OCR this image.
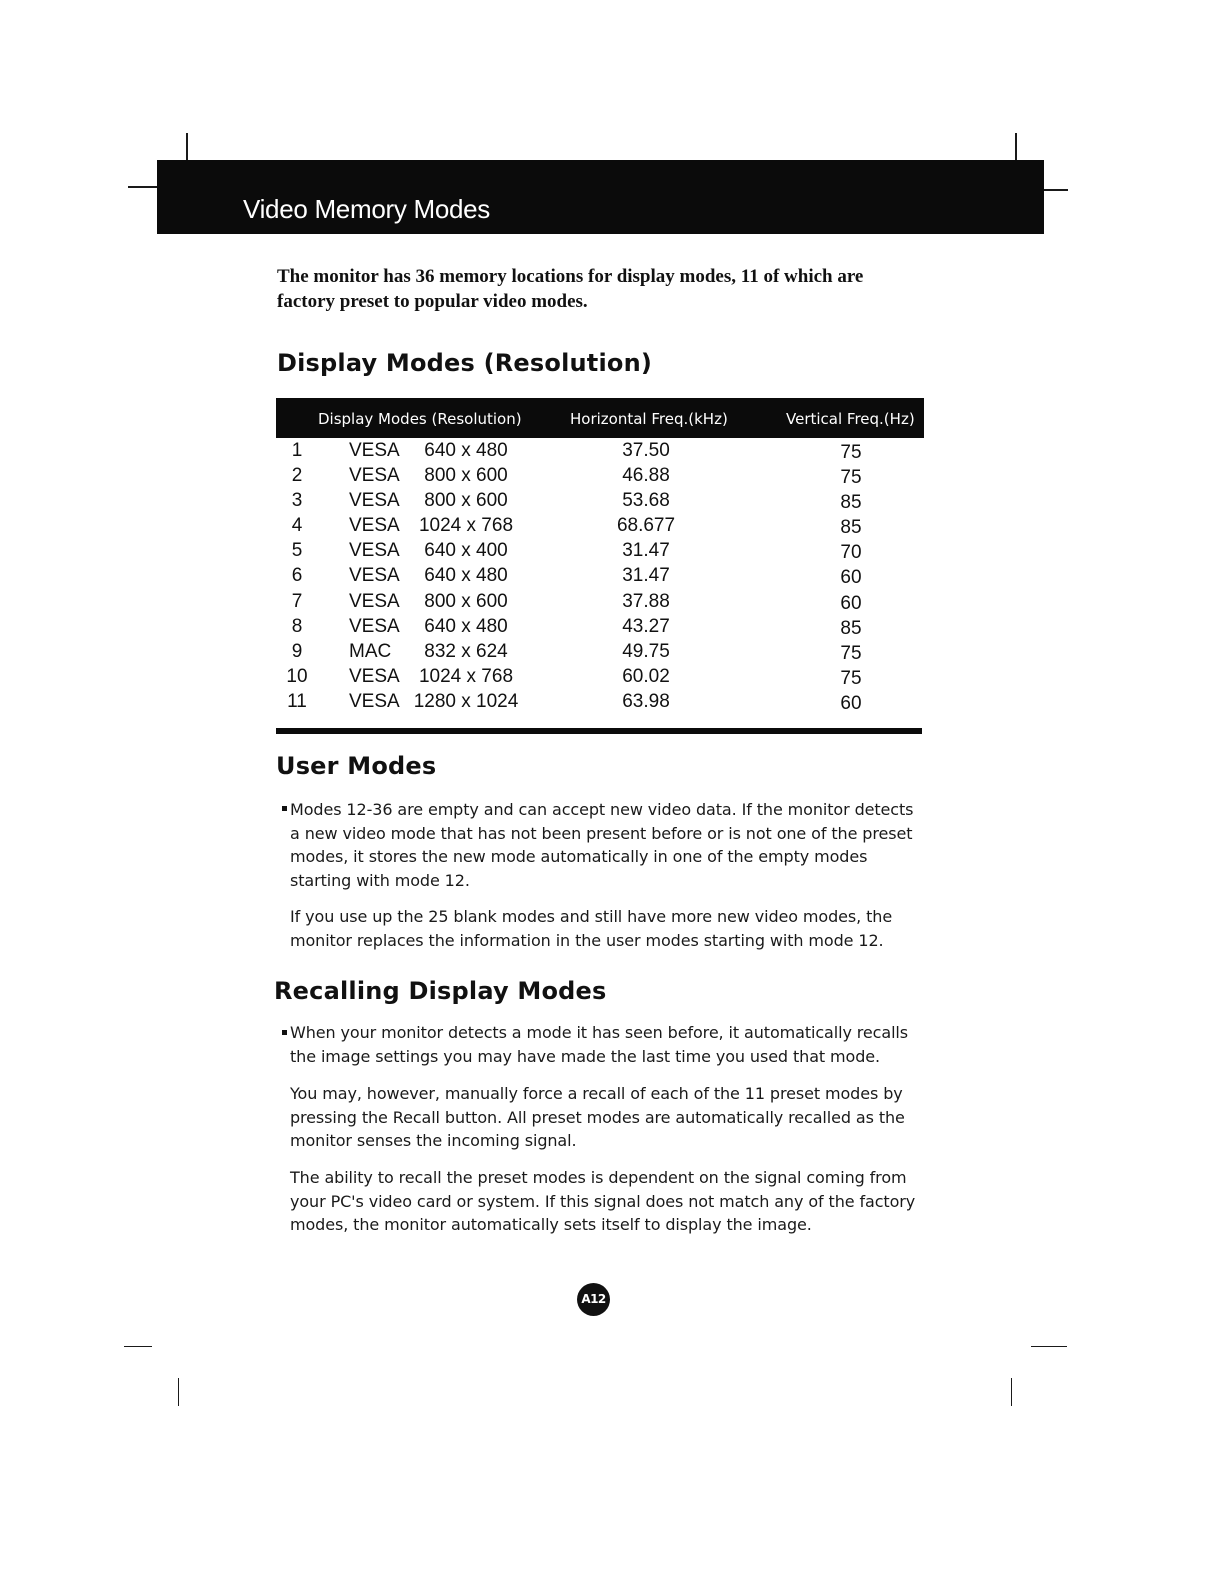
Video Memory Modes
The monitor has 36 memory locations for display modes, 11 of which are factory preset to popular video modes.
Display Modes (Resolution)
Display Modes (Resolution)	Horizontal Freq.(kHz)	Vertical Freq.(Hz)
1	VESA	640 x 480	37.50	75
2	VESA	800 x 600	46.88	75
3	VESA	800 x 600	53.68	85
4	VESA	1024 x 768	68.677	85
5	VESA	640 x 400	31.47	70
6	VESA	640 x 480	31.47	60
7	VESA	800 x 600	37.88	60
8	VESA	640 x 480	43.27	85
9	MAC	832 x 624	49.75	75
10	VESA	1024 x 768	60.02	75
11	VESA 1280 x 1024	63.98	60
User Modes
Modes 12-36 are empty and can accept new video data. If the monitor detects a new video mode that has not been present before or is not one of the preset modes, it stores the new mode automatically in one of the empty modes starting with mode 12.
If you use up the 25 blank modes and still have more new video modes, the monitor replaces the information in the user modes starting with mode 12.
Recalling Display Modes
When your monitor detects a mode it has seen before, it automatically recalls the image settings you may have made the last time you used that mode.
You may, however, manually force a recall of each of the 11 preset modes by pressing the Recall button. All preset modes are automatically recalled as the monitor senses the incoming signal.
The ability to recall the preset modes is dependent on the signal coming from your PC's video card or system. If this signal does not match any of the factory modes, the monitor automatically sets itself to display the image.
A12
